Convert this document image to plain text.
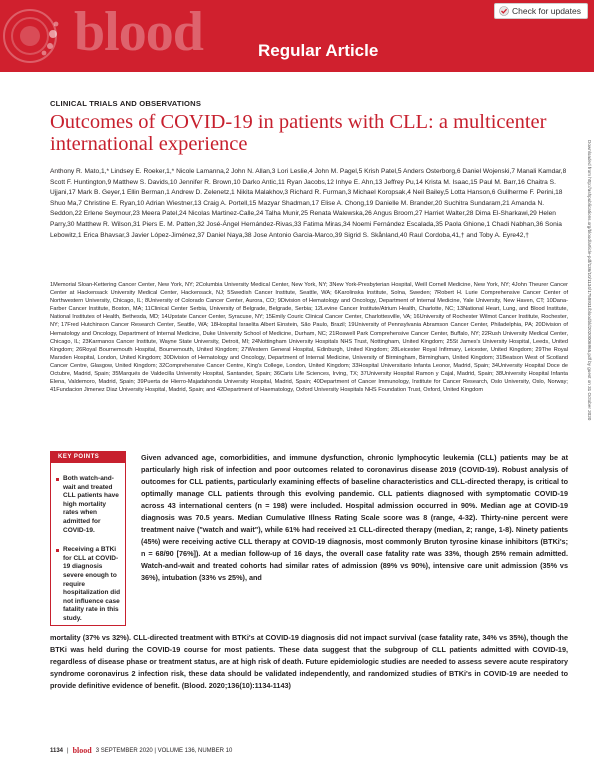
blood	Regular Article
Check for updates
Downloaded from http://ashpublications.org/blood/article-pdf/136/10/1134/1758931/bloodbld2020006965.pdf by guest on 31 October 2020
CLINICAL TRIALS AND OBSERVATIONS
Outcomes of COVID-19 in patients with CLL: a multicenter international experience
Anthony R. Mato,1,* Lindsey E. Roeker,1,* Nicole Lamanna,2 John N. Allan,3 Lori Leslie,4 John M. Pagel,5 Krish Patel,5 Anders Osterborg,6 Daniel Wojenski,7 Manali Kamdar,8 Scott F. Huntington,9 Matthew S. Davids,10 Jennifer R. Brown,10 Darko Antic,11 Ryan Jacobs,12 Inhye E. Ahn,13 Jeffrey Pu,14 Krista M. Isaac,15 Paul M. Barr,16 Chaitra S. Ujjani,17 Mark B. Geyer,1 Ellin Berman,1 Andrew D. Zelenetz,1 Nikita Malakhov,3 Richard R. Furman,3 Michael Koropsak,4 Neil Bailey,5 Lotta Hanson,6 Guilherme F. Perini,18 Shuo Ma,7 Christine E. Ryan,10 Adrian Wiestner,13 Craig A. Portell,15 Mazyar Shadman,17 Elise A. Chong,19 Danielle M. Brander,20 Suchitra Sundaram,21 Amanda N. Seddon,22 Erlene Seymour,23 Meera Patel,24 Nicolas Martinez-Calle,24 Talha Munir,25 Renata Walewska,26 Angus Broom,27 Harriet Walter,28 Dima El-Sharkawi,29 Helen Parry,30 Matthew R. Wilson,31 Piers E. M. Patten,32 José-Ángel Hernández-Rivas,33 Fatima Miras,34 Noemi Fernández Escalada,35 Paola Ghione,1 Chadi Nabhan,36 Sonia Lebowitz,1 Erica Bhavsar,3 Javier López-Jiménez,37 Daniel Naya,38 Jose Antonio Garcia-Marco,39 Sigrid S. Skånland,40 Raul Cordoba,41,† and Toby A. Eyre42,†
1Memorial Sloan-Kettering Cancer Center, New York, NY; 2Columbia University Medical Center, New York, NY; 3New York-Presbyterian Hospital, Weill Cornell Medicine, New York, NY; 4John Theurer Cancer Center at Hackensack University Medical Center, Hackensack, NJ; 5Swedish Cancer Institute, Seattle, WA; 6Karolinska Institute, Solna, Sweden; 7Robert H. Lurie Comprehensive Cancer Center of Northwestern University, Chicago, IL; 8University of Colorado Cancer Center, Aurora, CO; 9Division of Hematology and Oncology, Department of Internal Medicine, Yale University, New Haven, CT; 10Dana-Farber Cancer Institute, Boston, MA; 11Clinical Center Serbia, University of Belgrade, Belgrade, Serbia; 12Levine Cancer Institute/Atrium Health, Charlotte, NC; 13National Heart, Lung, and Blood Institute, National Institutes of Health, Bethesda, MD; 14Upstate Cancer Center, Syracuse, NY; 15Emily Couric Clinical Cancer Center, Charlottesville, VA; 16University of Rochester Wilmot Cancer Institute, Rochester, NY; 17Fred Hutchinson Cancer Research Center, Seattle, WA; 18Hospital Israelita Albert Einstein, São Paulo, Brazil; 19University of Pennsylvania Abramson Cancer Center, Philadelphia, PA; 20Division of Hematology and Oncology, Department of Internal Medicine, Duke University School of Medicine, Durham, NC; 21Roswell Park Comprehensive Cancer Center, Buffalo, NY; 22Rush University Medical Center, Chicago, IL; 23Karmanos Cancer Institute, Wayne State University, Detroit, MI; 24Nottingham University Hospitals NHS Trust, Nottingham, United Kingdom; 25St James's University Hospital, Leeds, United Kingdom; 26Royal Bournemouth Hospital, Bournemouth, United Kingdom; 27Western General Hospital, Edinburgh, United Kingdom; 28Leicester Royal Infirmary, Leicester, United Kingdom; 29The Royal Marsden Hospital, London, United Kingdom; 30Division of Hematology and Oncology, Department of Internal Medicine, University of Birmingham, Birmingham, United Kingdom; 31Beatson West of Scotland Cancer Centre, Glasgow, United Kingdom; 32Comprehensive Cancer Centre, King's College, London, United Kingdom; 33Hospital Universitario Infanta Leonor, Madrid, Spain; 34University Hospital Doce de Octubre, Madrid, Spain; 35Marqués de Valdecilla University Hospital, Santander, Spain; 36Caris Life Sciences, Irving, TX; 37University Hospital Ramon y Cajal, Madrid, Spain; 38University Hospital Infanta Elena, Valdemoro, Madrid, Spain; 39Puerta de Hierro-Majadahonda University Hospital, Madrid, Spain; 40Department of Cancer Immunology, Institute for Cancer Research, Oslo University, Oslo, Norway; 41Fundacion Jimenez Diaz University Hospital, Madrid, Spain; and 42Department of Haematology, Oxford University Hospitals NHS Foundation Trust, Oxford, United Kingdom
KEY POINTS
Both watch-and-wait and treated CLL patients have high mortality rates when admitted for COVID-19.
Receiving a BTKi for CLL at COVID-19 diagnosis severe enough to require hospitalization did not influence case fatality rate in this study.
Given advanced age, comorbidities, and immune dysfunction, chronic lymphocytic leukemia (CLL) patients may be at particularly high risk of infection and poor outcomes related to coronavirus disease 2019 (COVID-19). Robust analysis of outcomes for CLL patients, particularly examining effects of baseline characteristics and CLL-directed therapy, is critical to optimally manage CLL patients through this evolving pandemic. CLL patients diagnosed with symptomatic COVID-19 across 43 international centers (n = 198) were included. Hospital admission occurred in 90%. Median age at COVID-19 diagnosis was 70.5 years. Median Cumulative Illness Rating Scale score was 8 (range, 4-32). Thirty-nine percent were treatment naive ("watch and wait"), while 61% had received ≥1 CLL-directed therapy (median, 2; range, 1-8). Ninety patients (45%) were receiving active CLL therapy at COVID-19 diagnosis, most commonly Bruton tyrosine kinase inhibitors (BTKi's; n = 68/90 [76%]). At a median follow-up of 16 days, the overall case fatality rate was 33%, though 25% remain admitted. Watch-and-wait and treated cohorts had similar rates of admission (89% vs 90%), intensive care unit admission (35% vs 36%), intubation (33% vs 25%), and
mortality (37% vs 32%). CLL-directed treatment with BTKi's at COVID-19 diagnosis did not impact survival (case fatality rate, 34% vs 35%), though the BTKi was held during the COVID-19 course for most patients. These data suggest that the subgroup of CLL patients admitted with COVID-19, regardless of disease phase or treatment status, are at high risk of death. Future epidemiologic studies are needed to assess severe acute respiratory syndrome coronavirus 2 infection risk, these data should be validated independently, and randomized studies of BTKi's in COVID-19 are needed to provide definitive evidence of benefit. (Blood. 2020;136(10):1134-1143)
1134 | blood 3 SEPTEMBER 2020 | VOLUME 136, NUMBER 10
